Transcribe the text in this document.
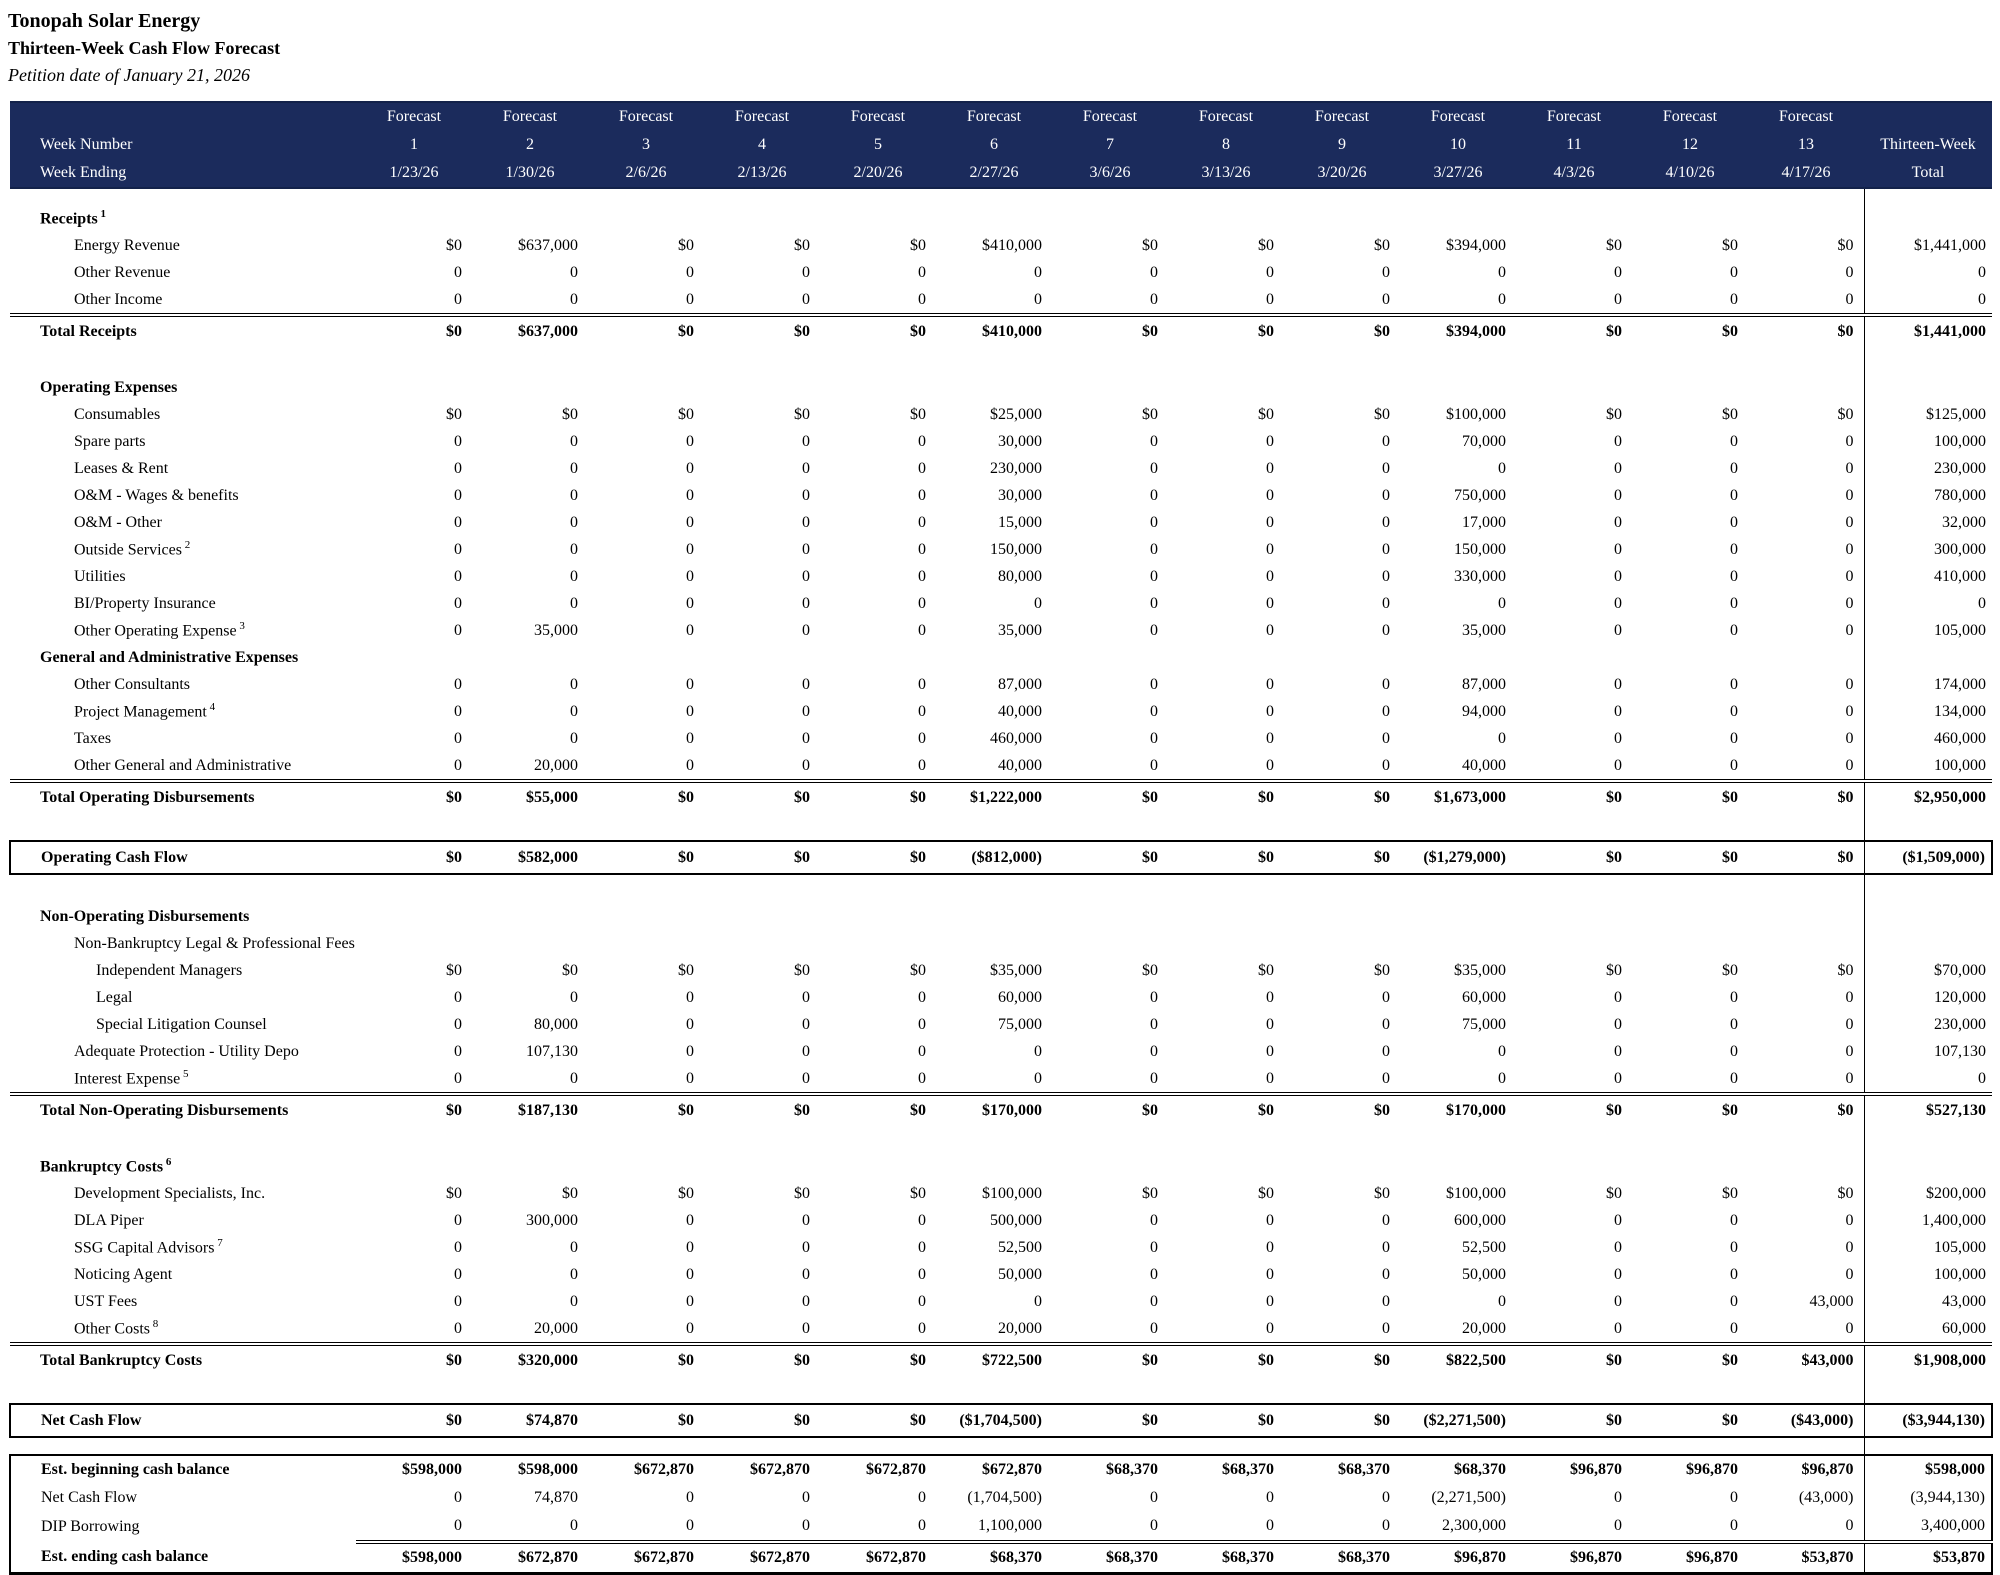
Tonopah Solar Energy
Thirteen-Week Cash Flow Forecast
Petition date of January 21, 2026
	Forecast	Forecast	Forecast	Forecast	Forecast	Forecast	Forecast	Forecast	Forecast	Forecast	Forecast	Forecast	Forecast	
Week Number	1	2	3	4	5	6	7	8	9	10	11	12	13	Thirteen-Week
Week Ending	1/23/26	1/30/26	2/6/26	2/13/26	2/20/26	2/27/26	3/6/26	3/13/26	3/20/26	3/27/26	4/3/26	4/10/26	4/17/26	Total

Receipts $^1$														
Energy Revenue	$0	$637,000	$0	$0	$0	$410,000	$0	$0	$0	$394,000	$0	$0	$0	$1,441,000
Other Revenue	0	0	0	0	0	0	0	0	0	0	0	0	0	0
Other Income	0	0	0	0	0	0	0	0	0	0	0	0	0	0
Total Receipts	$0	$637,000	$0	$0	$0	$410,000	$0	$0	$0	$394,000	$0	$0	$0	$1,441,000

Operating Expenses														
Consumables	$0	$0	$0	$0	$0	$25,000	$0	$0	$0	$100,000	$0	$0	$0	$125,000
Spare parts	0	0	0	0	0	30,000	0	0	0	70,000	0	0	0	100,000
Leases & Rent	0	0	0	0	0	230,000	0	0	0	0	0	0	0	230,000
O&M - Wages & benefits	0	0	0	0	0	30,000	0	0	0	750,000	0	0	0	780,000
O&M - Other	0	0	0	0	0	15,000	0	0	0	17,000	0	0	0	32,000
Outside Services $^2$	0	0	0	0	0	150,000	0	0	0	150,000	0	0	0	300,000
Utilities	0	0	0	0	0	80,000	0	0	0	330,000	0	0	0	410,000
BI/Property Insurance	0	0	0	0	0	0	0	0	0	0	0	0	0	0
Other Operating Expense $^3$	0	35,000	0	0	0	35,000	0	0	0	35,000	0	0	0	105,000
General and Administrative Expenses														
Other Consultants	0	0	0	0	0	87,000	0	0	0	87,000	0	0	0	174,000
Project Management $^4$	0	0	0	0	0	40,000	0	0	0	94,000	0	0	0	134,000
Taxes	0	0	0	0	0	460,000	0	0	0	0	0	0	0	460,000
Other General and Administrative	0	20,000	0	0	0	40,000	0	0	0	40,000	0	0	0	100,000
Total Operating Disbursements	$0	$55,000	$0	$0	$0	$1,222,000	$0	$0	$0	$1,673,000	$0	$0	$0	$2,950,000

Operating Cash Flow	$0	$582,000	$0	$0	$0	($812,000)	$0	$0	$0	($1,279,000)	$0	$0	$0	($1,509,000)

Non-Operating Disbursements														
Non-Bankruptcy Legal & Professional Fees														
Independent Managers	$0	$0	$0	$0	$0	$35,000	$0	$0	$0	$35,000	$0	$0	$0	$70,000
Legal	0	0	0	0	0	60,000	0	0	0	60,000	0	0	0	120,000
Special Litigation Counsel	0	80,000	0	0	0	75,000	0	0	0	75,000	0	0	0	230,000
Adequate Protection - Utility Depo	0	107,130	0	0	0	0	0	0	0	0	0	0	0	107,130
Interest Expense $^5$	0	0	0	0	0	0	0	0	0	0	0	0	0	0
Total Non-Operating Disbursements	$0	$187,130	$0	$0	$0	$170,000	$0	$0	$0	$170,000	$0	$0	$0	$527,130

Bankruptcy Costs $^6$														
Development Specialists, Inc.	$0	$0	$0	$0	$0	$100,000	$0	$0	$0	$100,000	$0	$0	$0	$200,000
DLA Piper	0	300,000	0	0	0	500,000	0	0	0	600,000	0	0	0	1,400,000
SSG Capital Advisors $^7$	0	0	0	0	0	52,500	0	0	0	52,500	0	0	0	105,000
Noticing Agent	0	0	0	0	0	50,000	0	0	0	50,000	0	0	0	100,000
UST Fees	0	0	0	0	0	0	0	0	0	0	0	0	43,000	43,000
Other Costs $^8$	0	20,000	0	0	0	20,000	0	0	0	20,000	0	0	0	60,000
Total Bankruptcy Costs	$0	$320,000	$0	$0	$0	$722,500	$0	$0	$0	$822,500	$0	$0	$43,000	$1,908,000

Net Cash Flow	$0	$74,870	$0	$0	$0	($1,704,500)	$0	$0	$0	($2,271,500)	$0	$0	($43,000)	($3,944,130)

Est. beginning cash balance	$598,000	$598,000	$672,870	$672,870	$672,870	$672,870	$68,370	$68,370	$68,370	$68,370	$96,870	$96,870	$96,870	$598,000
Net Cash Flow	0	74,870	0	0	0	(1,704,500)	0	0	0	(2,271,500)	0	0	(43,000)	(3,944,130)
DIP Borrowing	0	0	0	0	0	1,100,000	0	0	0	2,300,000	0	0	0	3,400,000
Est. ending cash balance	$598,000	$672,870	$672,870	$672,870	$672,870	$68,370	$68,370	$68,370	$68,370	$96,870	$96,870	$96,870	$53,870	$53,870
